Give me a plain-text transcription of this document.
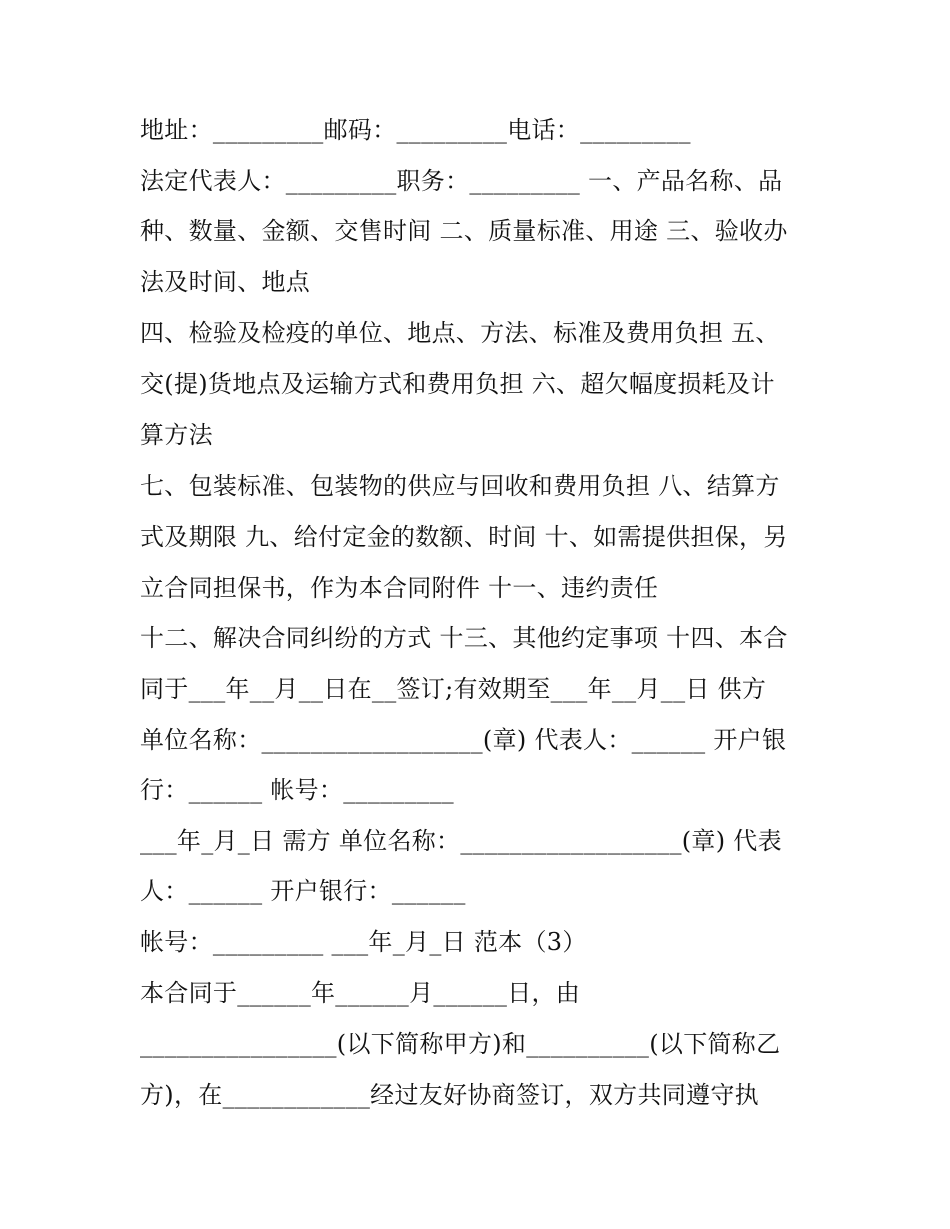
地址：_________邮码：_________电话：_________

法定代表人：_________职务：_________ 一、产品名称、品

种、数量、金额、交售时间 二、质量标准、用途 三、验收办

法及时间、地点

四、检验及检疫的单位、地点、方法、标准及费用负担 五、

交(提)货地点及运输方式和费用负担 六、超欠幅度损耗及计

算方法

七、包装标准、包装物的供应与回收和费用负担 八、结算方

式及期限 九、给付定金的数额、时间 十、如需提供担保，另

立合同担保书，作为本合同附件 十一、违约责任

十二、解决合同纠纷的方式 十三、其他约定事项 十四、本合

同于___年__月__日在__签订;有效期至___年__月__日 供方

单位名称：__________________(章) 代表人：______ 开户银

行：______ 帐号：_________

___年_月_日 需方 单位名称：__________________(章) 代表

人：______ 开户银行：______

帐号：_________ ___年_月_日 范本（3）

本合同于______年______月______日，由

________________(以下简称甲方)和__________(以下简称乙

方)，在____________经过友好协商签订，双方共同遵守执
